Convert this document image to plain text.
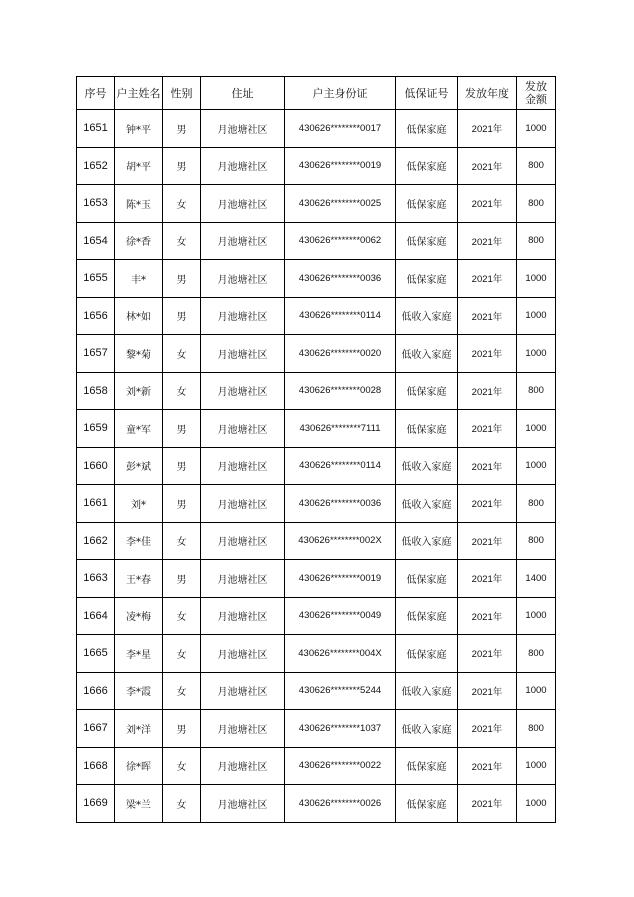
序号	户主姓名	性别	住址	户主身份证	低保证号	发放年度	发放
金额

1651	钟*平	男	月池塘社区	430626********0017	低保家庭	2021年	1000
1652	胡*平	男	月池塘社区	430626********0019	低保家庭	2021年	800
1653	陈*玉	女	月池塘社区	430626********0025	低保家庭	2021年	800
1654	徐*香	女	月池塘社区	430626********0062	低保家庭	2021年	800
1655	丰*	男	月池塘社区	430626********0036	低保家庭	2021年	1000
1656	林*如	男	月池塘社区	430626********0114	低收入家庭	2021年	1000
1657	黎*菊	女	月池塘社区	430626********0020	低收入家庭	2021年	1000
1658	刘*新	女	月池塘社区	430626********0028	低保家庭	2021年	800
1659	童*军	男	月池塘社区	430626********7111	低保家庭	2021年	1000
1660	彭*斌	男	月池塘社区	430626********0114	低收入家庭	2021年	1000
1661	刘*	男	月池塘社区	430626********0036	低收入家庭	2021年	800
1662	李*佳	女	月池塘社区	430626********002X	低收入家庭	2021年	800
1663	王*春	男	月池塘社区	430626********0019	低保家庭	2021年	1400
1664	凌*梅	女	月池塘社区	430626********0049	低保家庭	2021年	1000
1665	李*星	女	月池塘社区	430626********004X	低保家庭	2021年	800
1666	李*霞	女	月池塘社区	430626********5244	低收入家庭	2021年	1000
1667	刘*洋	男	月池塘社区	430626********1037	低收入家庭	2021年	800
1668	徐*晖	女	月池塘社区	430626********0022	低保家庭	2021年	1000
1669	梁*兰	女	月池塘社区	430626********0026	低保家庭	2021年	1000
